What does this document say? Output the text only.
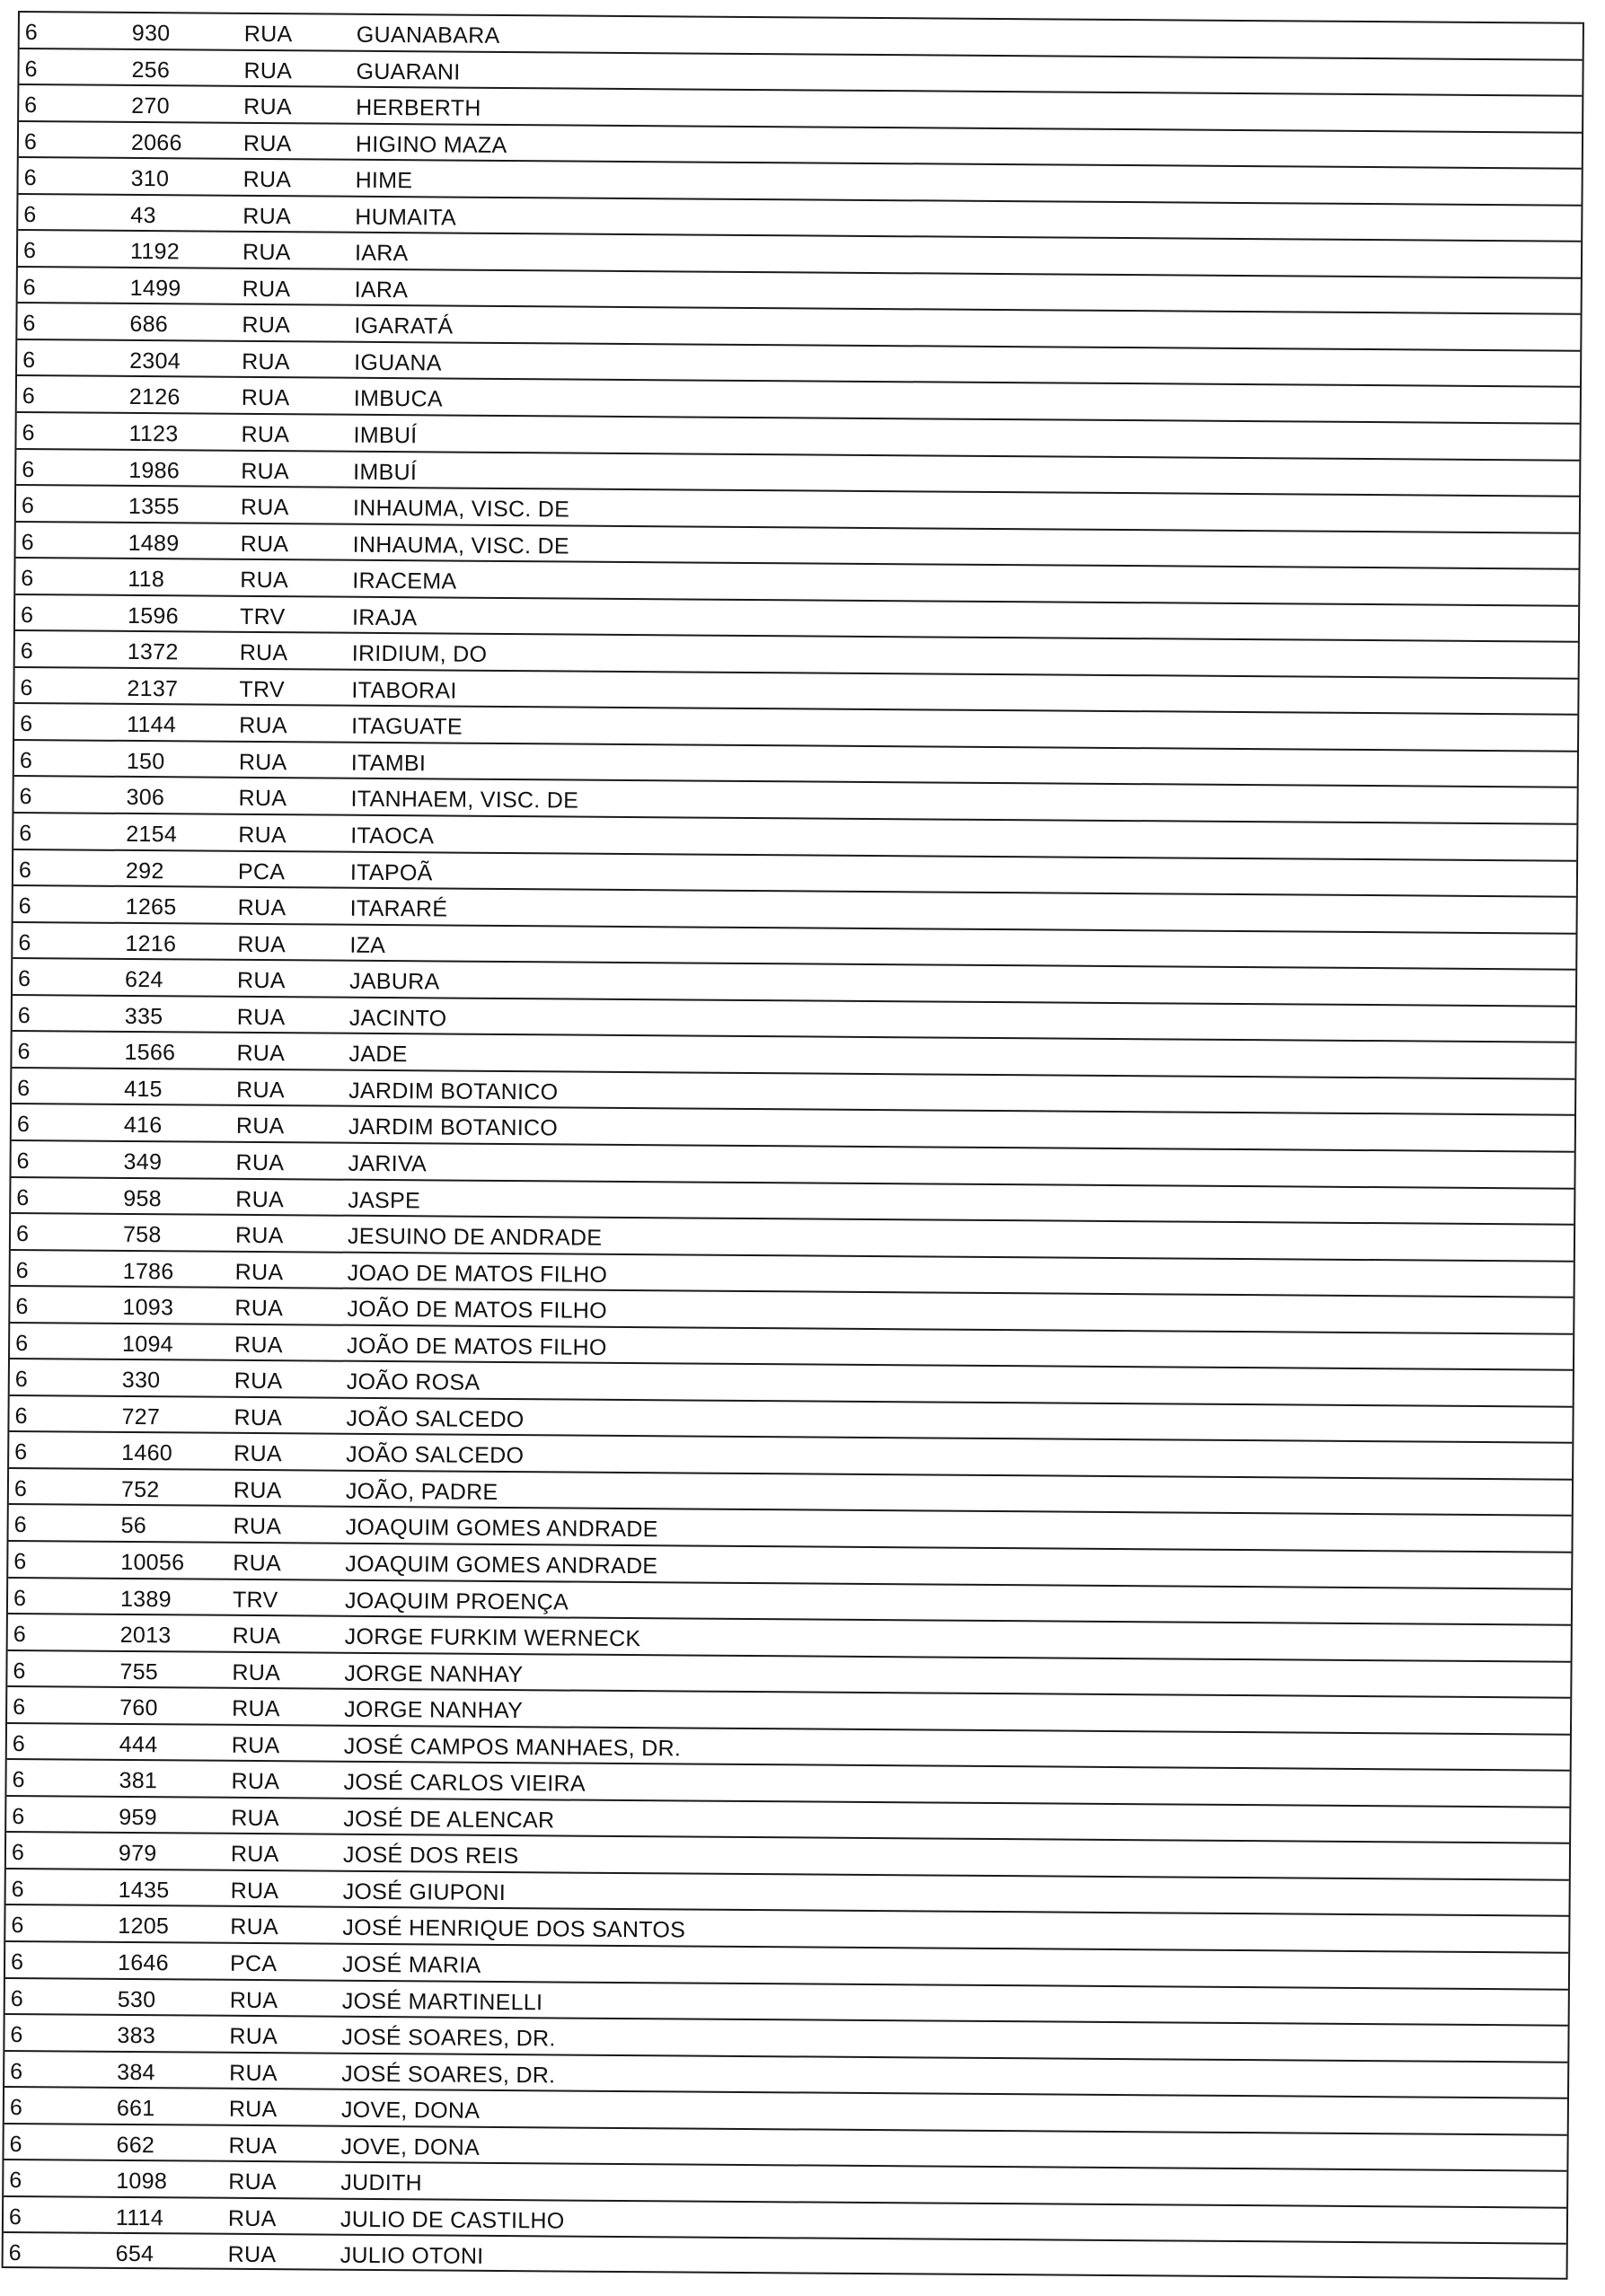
6	930	RUA	GUANABARA
6	256	RUA	GUARANI
6	270	RUA	HERBERTH
6	2066	RUA	HIGINO MAZA
6	310	RUA	HIME
6	43	RUA	HUMAITA
6	1192	RUA	IARA
6	1499	RUA	IARA
6	686	RUA	IGARATÁ
6	2304	RUA	IGUANA
6	2126	RUA	IMBUCA
6	1123	RUA	IMBUÍ
6	1986	RUA	IMBUÍ
6	1355	RUA	INHAUMA, VISC. DE
6	1489	RUA	INHAUMA, VISC. DE
6	118	RUA	IRACEMA
6	1596	TRV	IRAJA
6	1372	RUA	IRIDIUM, DO
6	2137	TRV	ITABORAI
6	1144	RUA	ITAGUATE
6	150	RUA	ITAMBI
6	306	RUA	ITANHAEM, VISC. DE
6	2154	RUA	ITAOCA
6	292	PCA	ITAPOÃ
6	1265	RUA	ITARARÉ
6	1216	RUA	IZA
6	624	RUA	JABURA
6	335	RUA	JACINTO
6	1566	RUA	JADE
6	415	RUA	JARDIM BOTANICO
6	416	RUA	JARDIM BOTANICO
6	349	RUA	JARIVA
6	958	RUA	JASPE
6	758	RUA	JESUINO DE ANDRADE
6	1786	RUA	JOAO DE MATOS FILHO
6	1093	RUA	JOÃO DE MATOS FILHO
6	1094	RUA	JOÃO DE MATOS FILHO
6	330	RUA	JOÃO ROSA
6	727	RUA	JOÃO SALCEDO
6	1460	RUA	JOÃO SALCEDO
6	752	RUA	JOÃO, PADRE
6	56	RUA	JOAQUIM GOMES ANDRADE
6	10056 RUA	JOAQUIM GOMES ANDRADE
6	1389	TRV	JOAQUIM PROENÇA
6	2013	RUA	JORGE FURKIM WERNECK
6	755	RUA	JORGE NANHAY
6	760	RUA	JORGE NANHAY
6	444	RUA	JOSÉ CAMPOS MANHAES, DR.
6	381	RUA	JOSÉ CARLOS VIEIRA
6	959	RUA	JOSÉ DE ALENCAR
6	979	RUA	JOSÉ DOS REIS
6	1435	RUA	JOSÉ GIUPONI
6	1205	RUA	JOSÉ HENRIQUE DOS SANTOS
6	1646	PCA	JOSÉ MARIA
6	530	RUA	JOSÉ MARTINELLI
6	383	RUA	JOSÉ SOARES, DR.
6	384	RUA	JOSÉ SOARES, DR.
6	661	RUA	JOVE, DONA
6	662	RUA	JOVE, DONA
6	1098	RUA	JUDITH
6	1114	RUA	JULIO DE CASTILHO
6	654	RUA	JULIO OTONI
